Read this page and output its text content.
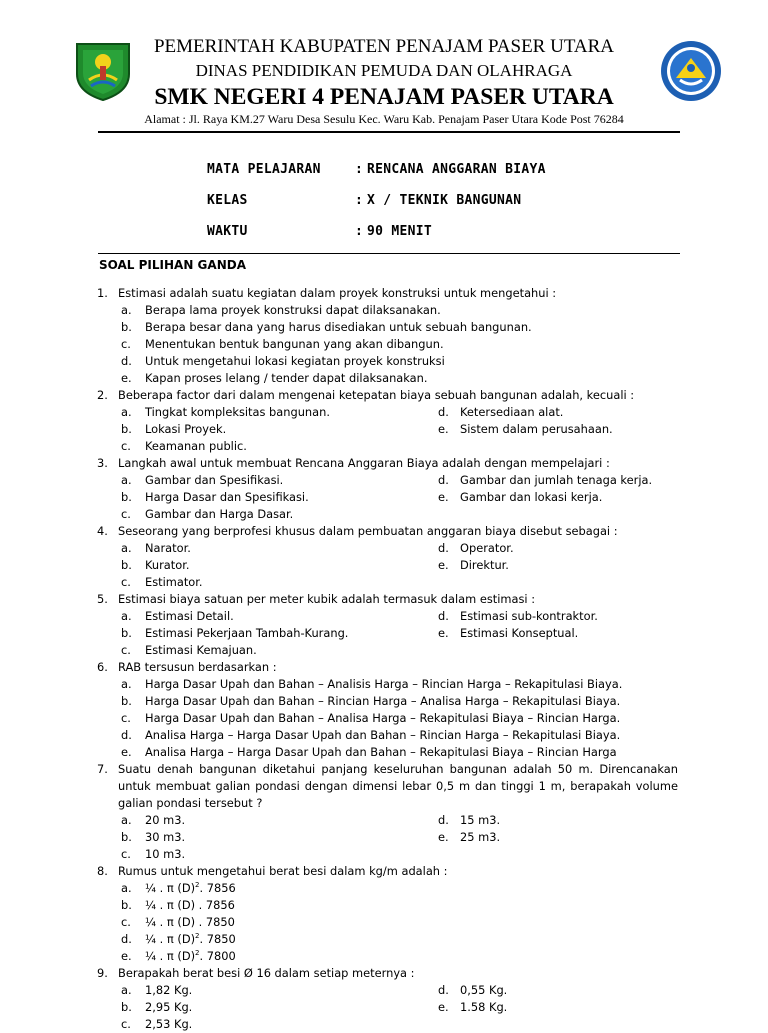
PEMERINTAH KABUPATEN PENAJAM PASER UTARA
DINAS PENDIDIKAN PEMUDA DAN OLAHRAGA
SMK NEGERI 4 PENAJAM PASER UTARA
Alamat : Jl. Raya KM.27 Waru Desa Sesulu Kec. Waru Kab. Penajam Paser Utara Kode Post 76284
MATA PELAJARAN	: RENCANA ANGGARAN BIAYA
KELAS	: X / TEKNIK BANGUNAN
WAKTU	: 90 MENIT
SOAL PILIHAN GANDA
1. Estimasi adalah suatu kegiatan dalam proyek konstruksi untuk mengetahui :
a. Berapa lama proyek konstruksi dapat dilaksanakan.
b. Berapa besar dana yang harus disediakan untuk sebuah bangunan.
c. Menentukan bentuk bangunan yang akan dibangun.
d. Untuk mengetahui lokasi kegiatan proyek konstruksi
e. Kapan proses lelang / tender dapat dilaksanakan.
2. Beberapa factor dari dalam mengenai ketepatan biaya sebuah bangunan adalah, kecuali :
a. Tingkat kompleksitas bangunan.	d. Ketersediaan alat.
b. Lokasi Proyek.	e. Sistem dalam perusahaan.
c. Keamanan public.
3. Langkah awal untuk membuat Rencana Anggaran Biaya adalah dengan mempelajari :
a. Gambar dan Spesifikasi.	d. Gambar dan jumlah tenaga kerja.
b. Harga Dasar dan Spesifikasi.	e. Gambar dan lokasi kerja.
c. Gambar dan Harga Dasar.
4. Seseorang yang berprofesi khusus dalam pembuatan anggaran biaya disebut sebagai :
a. Narator.	d. Operator.
b. Kurator.	e. Direktur.
c. Estimator.
5. Estimasi biaya satuan per meter kubik adalah termasuk dalam estimasi :
a. Estimasi Detail.	d. Estimasi sub-kontraktor.
b. Estimasi Pekerjaan Tambah-Kurang.	e. Estimasi Konseptual.
c. Estimasi Kemajuan.
6. RAB tersusun berdasarkan :
a. Harga Dasar Upah dan Bahan – Analisis Harga – Rincian Harga – Rekapitulasi Biaya.
b. Harga Dasar Upah dan Bahan – Rincian Harga – Analisa Harga – Rekapitulasi Biaya.
c. Harga Dasar Upah dan Bahan – Analisa Harga – Rekapitulasi Biaya – Rincian Harga.
d. Analisa Harga – Harga Dasar Upah dan Bahan – Rincian Harga – Rekapitulasi Biaya.
e. Analisa Harga – Harga Dasar Upah dan Bahan – Rekapitulasi Biaya – Rincian Harga
7. Suatu denah bangunan diketahui panjang keseluruhan bangunan adalah 50 m. Direncanakan untuk membuat galian pondasi dengan dimensi lebar 0,5 m dan tinggi 1 m, berapakah volume galian pondasi tersebut ?
a. 20 m3.	d. 15 m3.
b. 30 m3.	e. 25 m3.
c. 10 m3.
8. Rumus untuk mengetahui berat besi dalam kg/m adalah :
a. ¼ . π $(D)^2$. 7856
b. ¼ . π (D) . 7856
c. ¼ . π (D) . 7850
d. ¼ . π $(D)^2$. 7850
e. ¼ . π $(D)^2$. 7800
9. Berapakah berat besi Ø 16 dalam setiap meternya :
a. 1,82 Kg.	d. 0,55 Kg.
b. 2,95 Kg.	e. 1.58 Kg.
c. 2,53 Kg.
